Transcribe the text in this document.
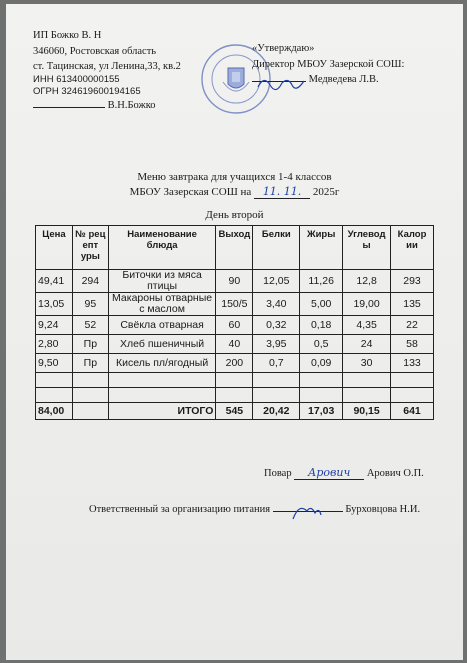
ИП Божко В. Н
346060, Ростовская область
ст. Тацинская, ул Ленина,33, кв.2
ИНН 613400000155
ОГРН 324619600194165
В.Н.Божко
«Утверждаю»
Директор МБОУ Зазерской СОШ:
Медведева Л.В.
Меню завтрака для учащихся 1-4 классов
МБОУ Зазерская СОШ на 11. 11. 2025г
День второй
Цена	№ рец епт уры	Наименование блюда	Выход	Белки	Жиры	Углевод ы	Калор ии
49,41	294	Биточки из мяса птицы	90	12,05	11,26	12,8	293
13,05	95	Макароны отварные с маслом	150/5	3,40	5,00	19,00	135
9,24	52	Свёкла отварная	60	0,32	0,18	4,35	22
2,80	Пр	Хлеб пшеничный	40	3,95	0,5	24	58
9,50	Пр	Кисель пл/ягодный	200	0,7	0,09	30	133

84,00		ИТОГО	545	20,42	17,03	90,15	641
Повар Арович Арович О.П.
Ответственный за организацию питания	Бурховцова Н.И.
